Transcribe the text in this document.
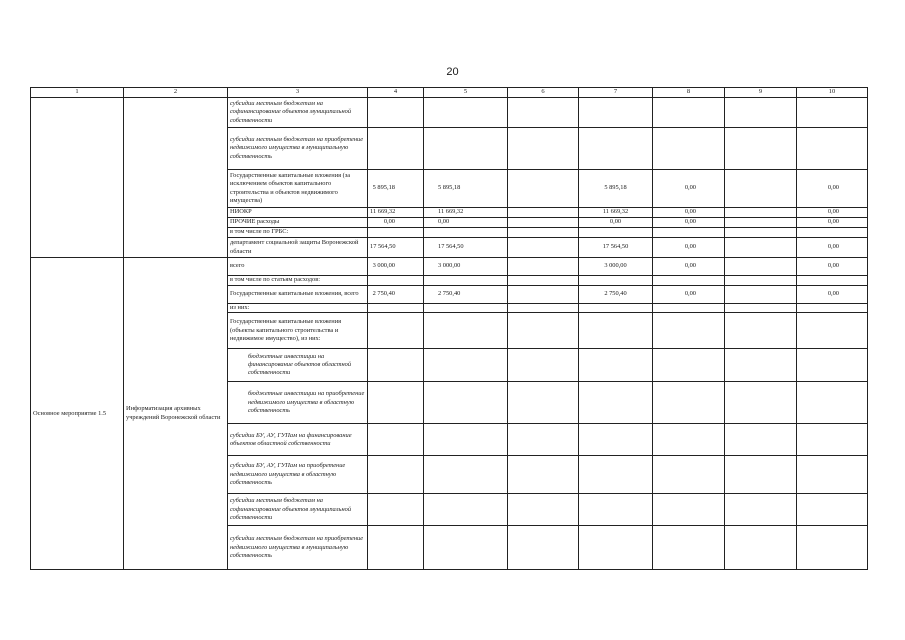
20
1	2	3	4	5	6	7	8	9	10
		субсидии местным бюджетам на софинансирование объектов муниципальной собственности							
		субсидии местным бюджетам на приобретение недвижимого имущества в муниципальную собственность							
		Государственные капитальные вложения (за исключением объектов капитального строительства и объектов недвижимого имущества)	5 895,18	5 895,18		5 895,18	0,00		0,00
		НИОКР	11 669,32	11 669,32		11 669,32	0,00		0,00
		ПРОЧИЕ расходы	0,00	0,00		0,00	0,00		0,00
		в том числе по ГРБС:							
		департамент социальной защиты Воронежской области	17 564,50	17 564,50		17 564,50	0,00		0,00
Основное мероприятие 1.5	Информатизация архивных учреждений Воронежской области	всего	3 000,00	3 000,00		3 000,00	0,00		0,00
		в том числе по статьям расходов:							
		Государственные капитальные вложения, всего	2 750,40	2 750,40		2 750,40	0,00		0,00
		из них:							
		Государственные капитальные вложения (объекты капитального строительства и недвижимое имущество), из них:							
		бюджетные инвестиции на финансирование объектов областной собственности							
		бюджетные инвестиции на приобретение недвижимого имущества в областную собственность							
		субсидии БУ, АУ, ГУПам на финансирование объектов областной собственности							
		субсидии БУ, АУ, ГУПам на приобретение недвижимого имущества в областную собственность							
		субсидии местным бюджетам на софинансирование объектов муниципальной собственности							
		субсидии местным бюджетам на приобретение недвижимого имущества в муниципальную собственность							
